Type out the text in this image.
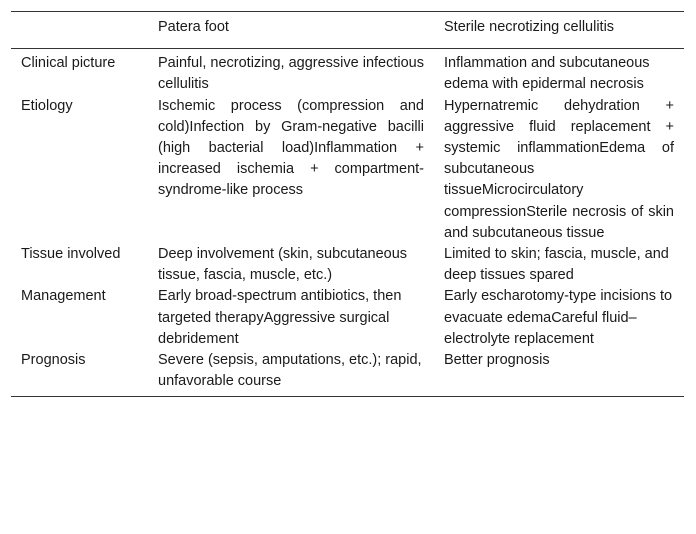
	Patera foot	Sterile necrotizing cellulitis
Clinical picture	Painful, necrotizing, aggressive infectious cellulitis	Inflammation and subcutaneous edema with epidermal necrosis
Etiology	Ischemic process (compression and cold)Infection by Gram-negative bacilli (high bacterial load)Inflammation + increased ischemia + compartment-syndrome-like process	Hypernatremic dehydration + aggressive fluid replacement + systemic inflammationEdema of subcutaneous tissueMicrocirculatory compressionSterile necrosis of skin and subcutaneous tissue
Tissue involved	Deep involvement (skin, subcutaneous tissue, fascia, muscle, etc.)	Limited to skin; fascia, muscle, and deep tissues spared
Management	Early broad-spectrum antibiotics, then targeted therapyAggressive surgical debridement	Early escharotomy-type incisions to evacuate edemaCareful fluid–electrolyte replacement
Prognosis	Severe (sepsis, amputations, etc.); rapid, unfavorable course	Better prognosis
